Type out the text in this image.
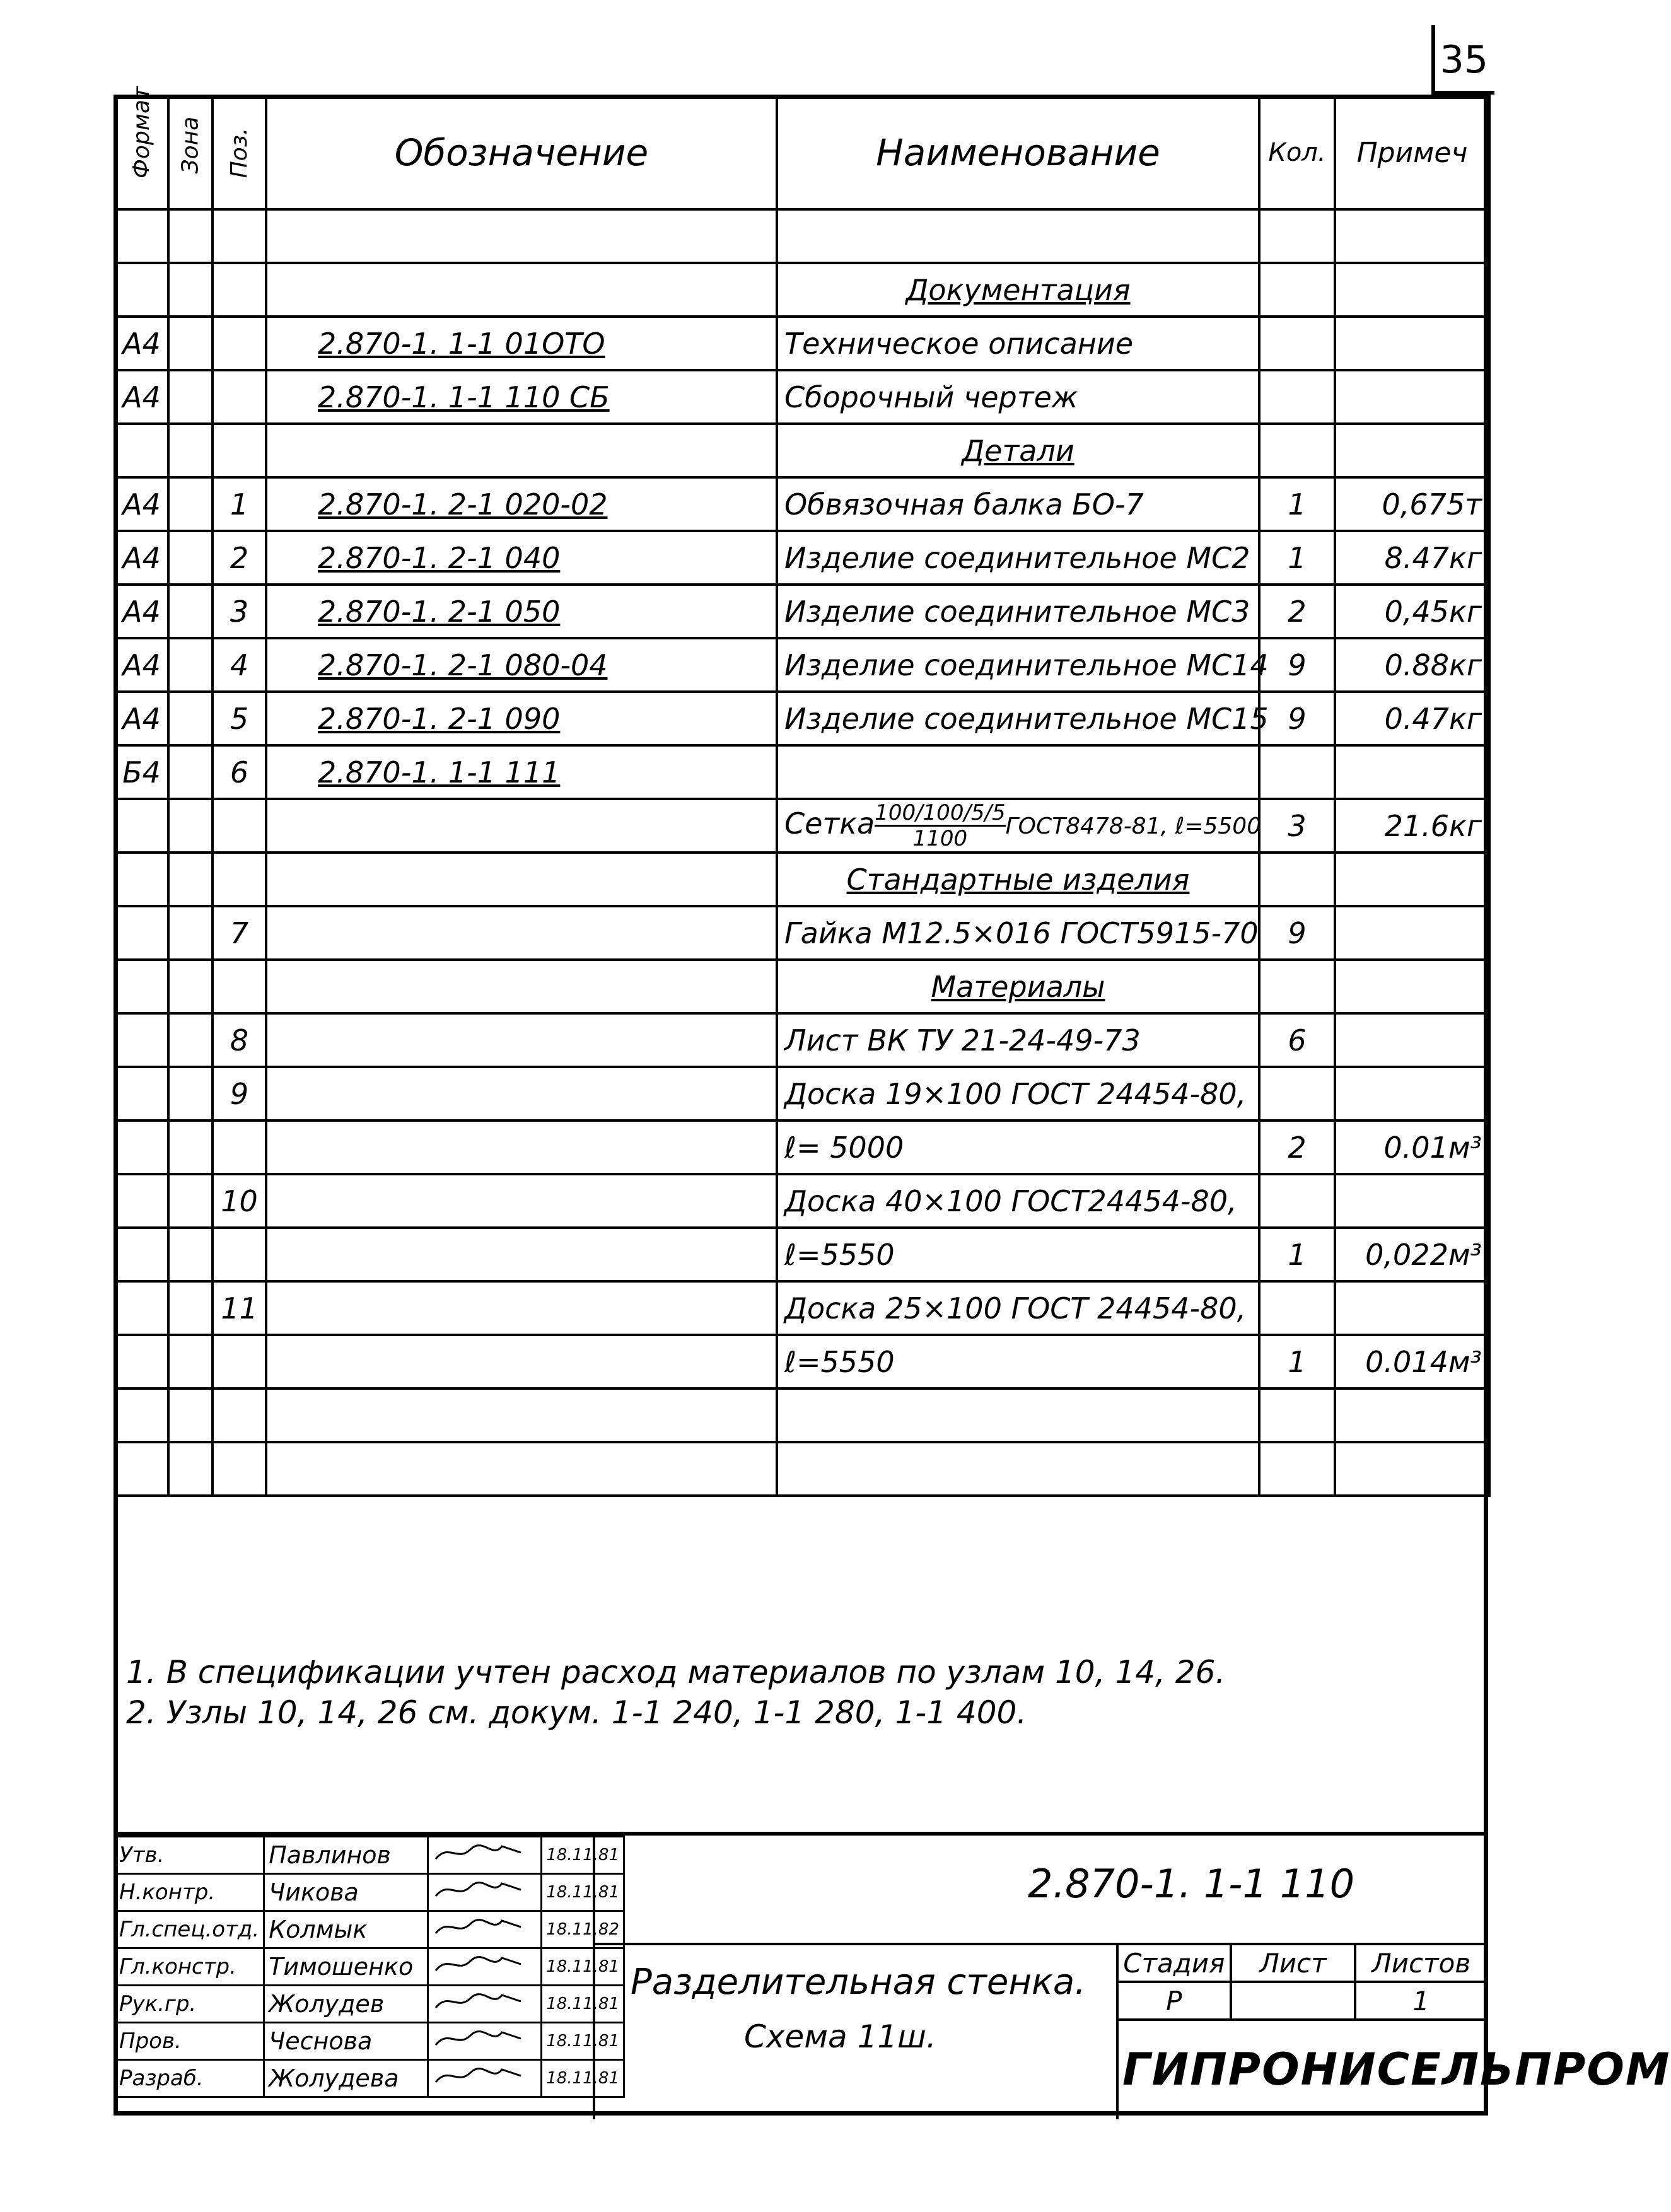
35
Формат	Зона	Поз.	Обозначение	Наименование	Кол.	Примеч

				Документация		
А4			2.870-1. 1-1 01ОТО	Техническое описание		
А4			2.870-1. 1-1 110 СБ	Сборочный чертеж		
				Детали		
А4		1	2.870-1. 2-1 020-02	Обвязочная балка БО-7	1	0,675т
А4		2	2.870-1. 2-1 040	Изделие соединительное МС2	1	8.47кг
А4		3	2.870-1. 2-1 050	Изделие соединительное МС3	2	0,45кг
А4		4	2.870-1. 2-1 080-04	Изделие соединительное МС14	9	0.88кг
А4		5	2.870-1. 2-1 090	Изделие соединительное МС15	9	0.47кг
Б4		6	2.870-1. 1-1 111			
				Сетка $\frac{100/100/5/5}{1100}ГОСТ8478-81$, ℓ=5500	3	21.6кг
				Стандартные изделия		
		7		Гайка М12.5×016 ГОСТ5915-70	9	
				Материалы		
		8		Лист ВК ТУ 21-24-49-73	6	
		9		Доска 19×100 ГОСТ 24454-80,		
				ℓ= 5000	2	0.01м³
		10		Доска 40×100 ГОСТ24454-80,		
				ℓ=5550	1	0,022м³
		11		Доска 25×100 ГОСТ 24454-80,		
				ℓ=5550	1	0.014м³

1. В спецификации учтен расход материалов по узлам 10, 14, 26.
2. Узлы 10, 14, 26 см. докум. 1-1 240, 1-1 280, 1-1 400.
Утв.	Павлинов		18.11.81
Н.контр.	Чикова		18.11.81
Гл.спец.отд.	Колмык		18.11.82
Гл.констр.	Тимошенко		18.11.81
Рук.гр.	Жолудев		18.11.81
Пров.	Чеснова		18.11.81
Разраб.	Жолудева		18.11.81
2.870-1. 1-1 110
Разделительная стенка.
Схема 11ш.
Стадия	Лист	Листов
Р		1
ГИПРОНИСЕЛЬПРОМ
